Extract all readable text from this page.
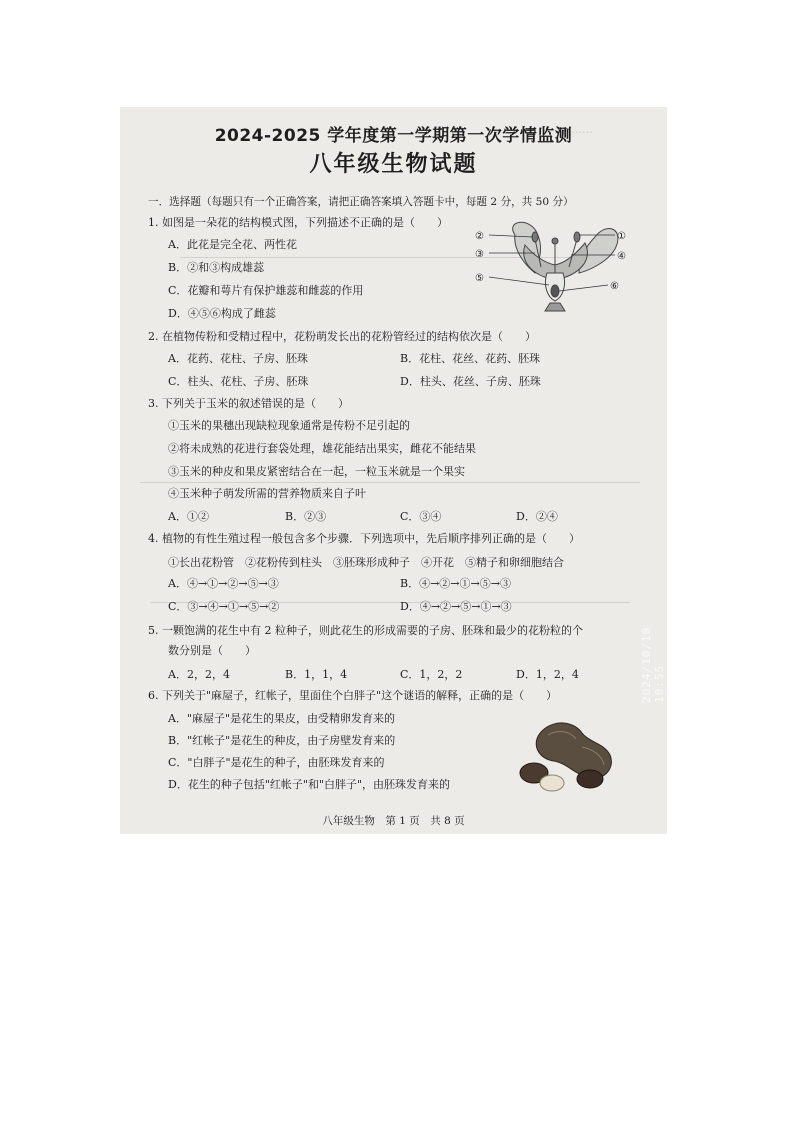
………
2024-2025 学年度第一学期第一次学情监测
八年级生物试题
一．选择题（每题只有一个正确答案，请把正确答案填入答题卡中，每题 2 分，共 50 分）
1. 如图是一朵花的结构模式图，下列描述不正确的是（　　）
A．此花是完全花、两性花
B．②和③构成雄蕊
C．花瓣和萼片有保护雄蕊和雌蕊的作用
D．④⑤⑥构成了雌蕊
②	①
③	④
⑤
⑥
2. 在植物传粉和受精过程中，花粉萌发长出的花粉管经过的结构依次是（　　）
A．花药、花柱、子房、胚珠	B．花柱、花丝、花药、胚珠
C．柱头、花柱、子房、胚珠	D．柱头、花丝、子房、胚珠
3. 下列关于玉米的叙述错误的是（　　）
①玉米的果穗出现缺粒现象通常是传粉不足引起的
②将未成熟的花进行套袋处理，雄花能结出果实，雌花不能结果
③玉米的种皮和果皮紧密结合在一起，一粒玉米就是一个果实
④玉米种子萌发所需的营养物质来自子叶
A．①②	B．②③	C．③④	D．②④
4. 植物的有性生殖过程一般包含多个步骤．下列选项中，先后顺序排列正确的是（　　）
①长出花粉管　②花粉传到柱头　③胚珠形成种子　④开花　⑤精子和卵细胞结合
A．④→①→②→⑤→③	B．④→②→①→⑤→③
C．③→④→①→⑤→②	D．④→②→⑤→①→③
5. 一颗饱满的花生中有 2 粒种子，则此花生的形成需要的子房、胚珠和最少的花粉粒的个
数分别是（　　）
A．2，2，4	B．1，1，4	C．1，2，2	D．1，2，4
6. 下列关于"麻屋子，红帐子，里面住个白胖子"这个谜语的解释，正确的是（　　）
A．"麻屋子"是花生的果皮，由受精卵发育来的
B．"红帐子"是花生的种皮，由子房壁发育来的
C．"白胖子"是花生的种子，由胚珠发育来的
D．花生的种子包括"红帐子"和"白胖子"，由胚珠发育来的
八年级生物　第 1 页　共 8 页
2024/10/10 10:55
